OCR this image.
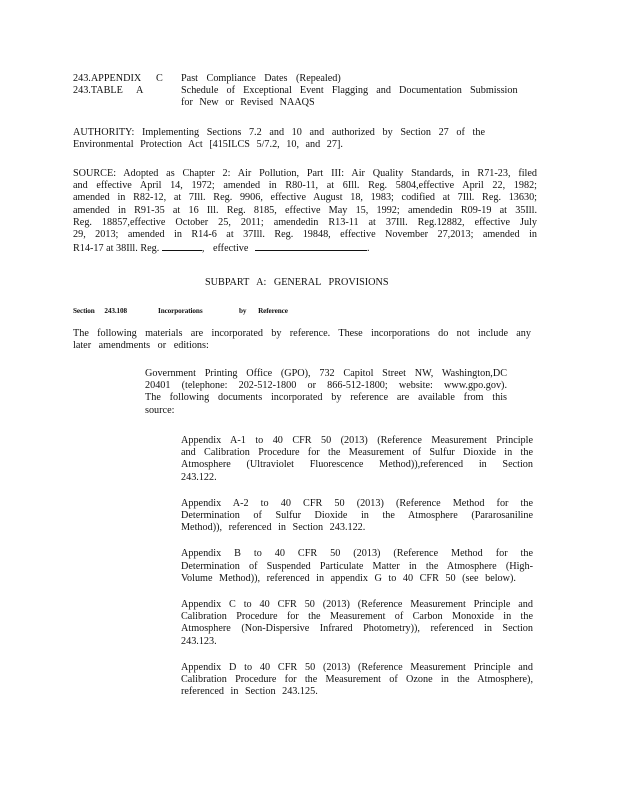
243.APPENDIX C Past Compliance Dates (Repealed)
243.TABLE A	Schedule of Exceptional Event Flagging and Documentation Submission
for New or Revised NAAQS

AUTHORITY: Implementing Sections 7.2 and 10 and authorized by Section 27 of the

Environmental Protection Act [415ILCS 5/7.2, 10, and 27].

SOURCE: Adopted as Chapter 2: Air Pollution, Part III: Air Quality Standards, in R71-23, filed

and effective April 14, 1972; amended in R80-11, at 6Ill. Reg. 5804,effective April 22, 1982;

amended in R82-12, at 7Ill. Reg. 9906, effective August 18, 1983; codified at 7Ill. Reg. 13630;

amended in R91-35 at 16 Ill. Reg. 8185, effective May 15, 1992; amendedin R09-19 at 35Ill.

Reg. 18857,effective October 25, 2011; amendedin R13-11 at 37Ill. Reg.12882, effective July

29, 2013; amended in R14-6 at 37Ill. Reg. 19848, effective November 27,2013; amended in

R14-17 at 38Ill. Reg.	, effective	.

SUBPART A: GENERAL PROVISIONS

Section 243.108	Incorporations	by Reference

The following materials are incorporated by reference. These incorporations do not include any

later amendments or editions:

Government Printing Office (GPO), 732 Capitol Street NW, Washington,DC

20401 (telephone: 202-512-1800 or 866-512-1800; website: www.gpo.gov).

The following documents incorporated by reference are available from this

source:

Appendix A-1 to 40 CFR 50 (2013) (Reference Measurement Principle

and Calibration Procedure for the Measurement of Sulfur Dioxide in the

Atmosphere (Ultraviolet Fluorescence Method)),referenced in Section

243.122.

Appendix A-2 to 40 CFR 50 (2013) (Reference Method for the

Determination of Sulfur Dioxide in the Atmosphere (Pararosaniline

Method)), referenced in Section 243.122.

Appendix B to 40 CFR 50 (2013) (Reference Method for the

Determination of Suspended Particulate Matter in the Atmosphere (High-

Volume Method)), referenced in appendix G to 40 CFR 50 (see below).

Appendix C to 40 CFR 50 (2013) (Reference Measurement Principle and

Calibration Procedure for the Measurement of Carbon Monoxide in the

Atmosphere (Non-Dispersive Infrared Photometry)), referenced in Section

243.123.

Appendix D to 40 CFR 50 (2013) (Reference Measurement Principle and

Calibration Procedure for the Measurement of Ozone in the Atmosphere),

referenced in Section 243.125.
